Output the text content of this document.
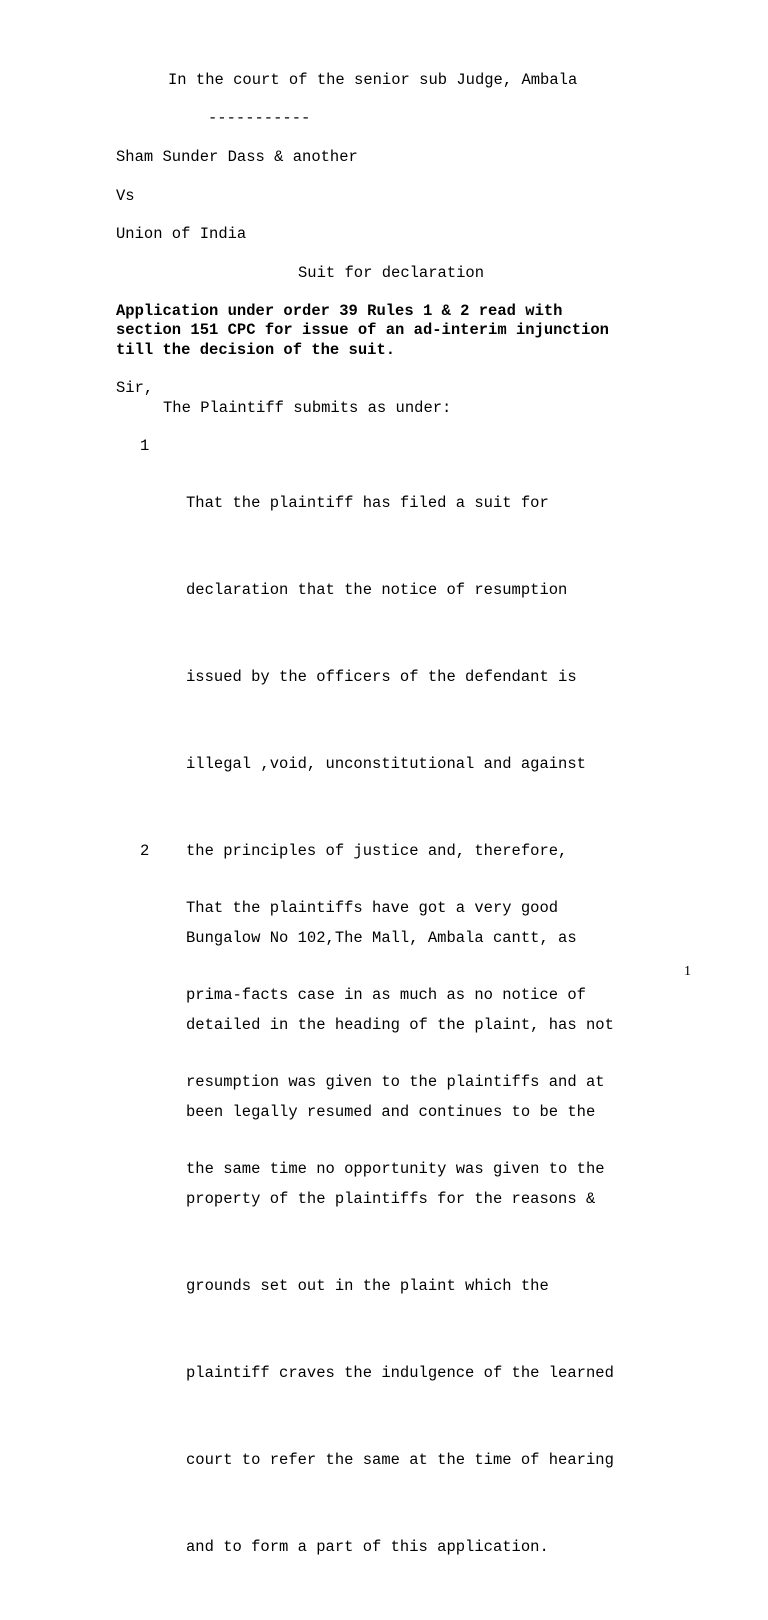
In the court of the senior sub Judge, Ambala
-----------
Sham Sunder Dass & another
Vs
Union of India
Suit for declaration
Application under order 39 Rules 1 & 2 read with
section 151 CPC for issue of an ad-interim injunction
till the decision of the suit.
Sir,
The Plaintiff submits as under:
1

That the plaintiff has filed a suit for

declaration that the notice of resumption

issued by the officers of the defendant is

illegal ,void, unconstitutional and against

the principles of justice and, therefore,

Bungalow No 102,The Mall, Ambala cantt, as

detailed in the heading of the plaint, has not

been legally resumed and continues to be the

property of the plaintiffs for the reasons &

grounds set out in the plaint which the

plaintiff craves the indulgence of the learned

court to refer the same at the time of hearing

and to form a part of this application.

2

That the plaintiffs have got a very good

prima-facts case in as much as no notice of

resumption was given to the plaintiffs and at

the same time no opportunity was given to the

1
